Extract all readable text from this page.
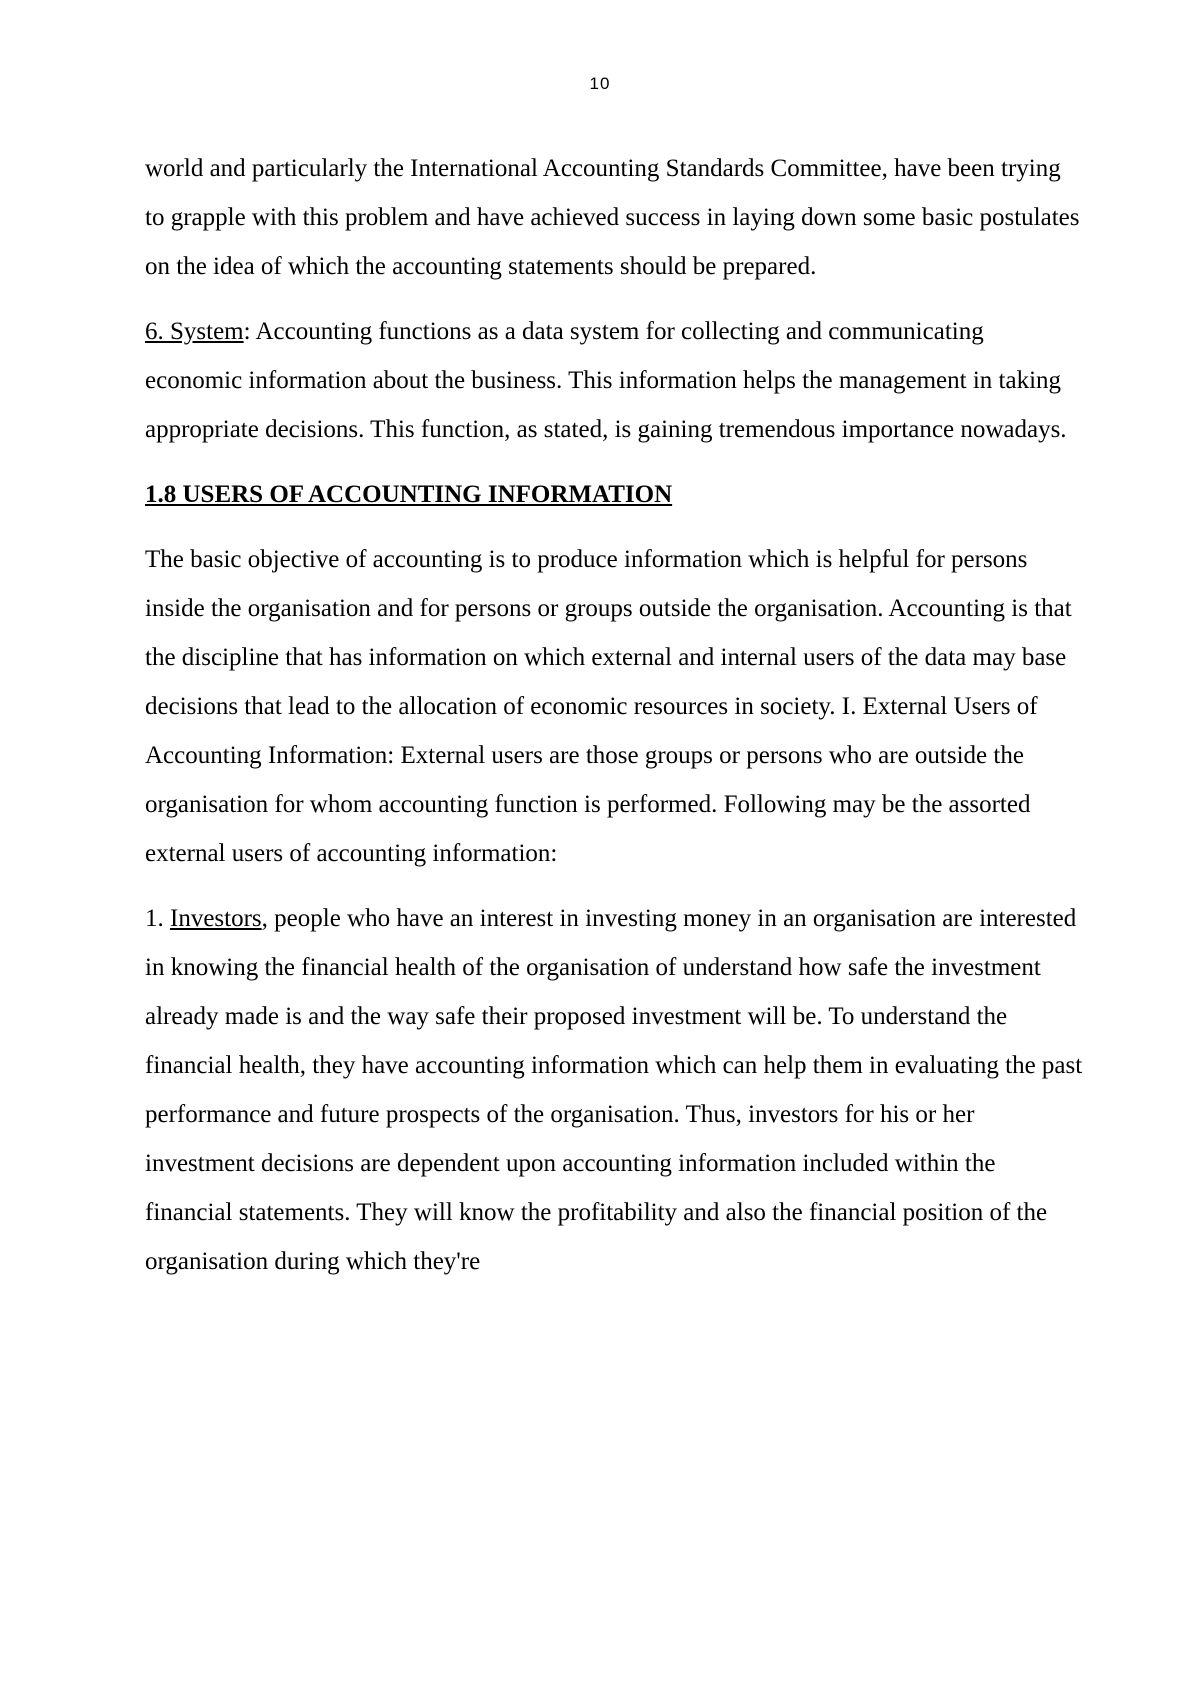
10

world and particularly the International Accounting Standards Committee, have been trying to grapple with this problem and have achieved success in laying down some basic postulates on the idea of which the accounting statements should be prepared.

6. System: Accounting functions as a data system for collecting and communicating economic information about the business. This information helps the management in taking appropriate decisions. This function, as stated, is gaining tremendous importance nowadays.

1.8 USERS OF ACCOUNTING INFORMATION

The basic objective of accounting is to produce information which is helpful for persons inside the organisation and for persons or groups outside the organisation. Accounting is that the discipline that has information on which external and internal users of the data may base decisions that lead to the allocation of economic resources in society. I. External Users of Accounting Information: External users are those groups or persons who are outside the organisation for whom accounting function is performed. Following may be the assorted external users of accounting information:

1. Investors, people who have an interest in investing money in an organisation are interested in knowing the financial health of the organisation of understand how safe the investment already made is and the way safe their proposed investment will be. To understand the financial health, they have accounting information which can help them in evaluating the past performance and future prospects of the organisation. Thus, investors for his or her investment decisions are dependent upon accounting information included within the financial statements. They will know the profitability and also the financial position of the organisation during which they're
